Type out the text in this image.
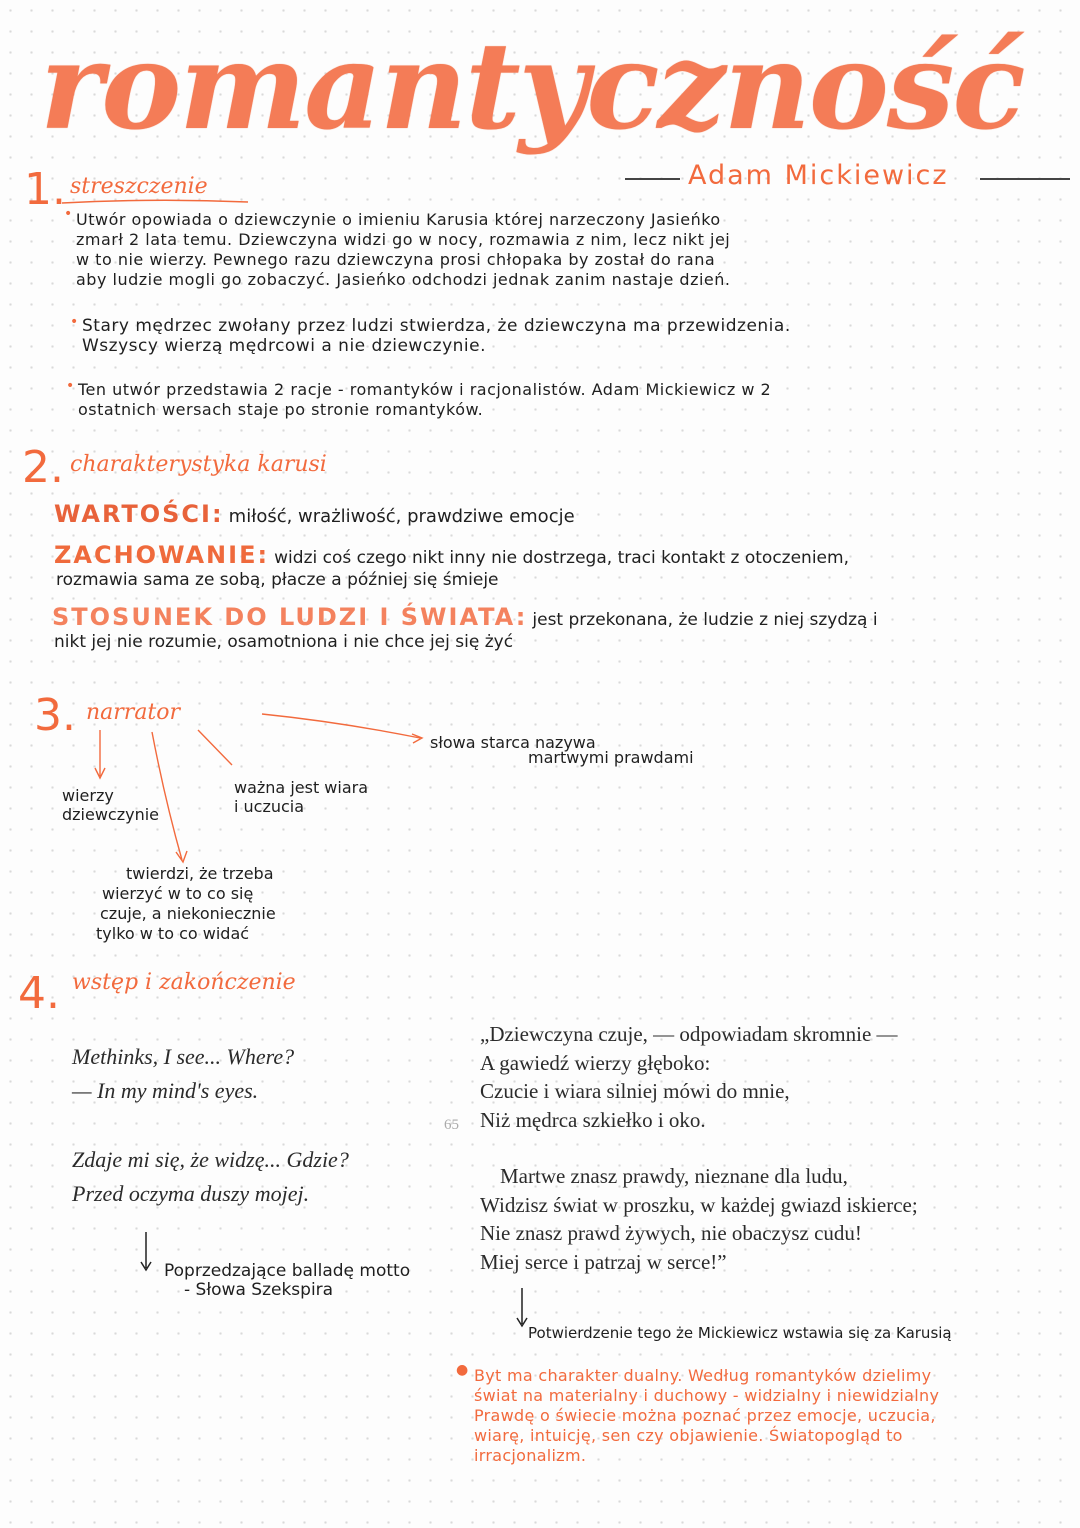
romantyczność
Adam Mickiewicz
1. streszczenie
• Utwór opowiada o dziewczynie o imieniu Karusia której narzeczony Jasieńko
zmarł 2 lata temu. Dziewczyna widzi go w nocy, rozmawia z nim, lecz nikt jej
w to nie wierzy. Pewnego razu dziewczyna prosi chłopaka by został do rana
aby ludzie mogli go zobaczyć. Jasieńko odchodzi jednak zanim nastaje dzień.
• Stary mędrzec zwołany przez ludzi stwierdza, że dziewczyna ma przewidzenia.
Wszyscy wierzą mędrcowi a nie dziewczynie.
• Ten utwór przedstawia 2 racje - romantyków i racjonalistów. Adam Mickiewicz w 2
ostatnich wersach staje po stronie romantyków.
2. charakterystyka karusi
WARTOŚCI: miłość, wrażliwość, prawdziwe emocje
ZACHOWANIE: widzi coś czego nikt inny nie dostrzega, traci kontakt z otoczeniem,
rozmawia sama ze sobą, płacze a później się śmieje
STOSUNEK DO LUDZI I ŚWIATA: jest przekonana, że ludzie z niej szydzą i
nikt jej nie rozumie, osamotniona i nie chce jej się żyć
3. narrator
słowa starca nazywa
martwymi prawdami
wierzy
dziewczynie
ważna jest wiara
i uczucia
twierdzi, że trzeba
wierzyć w to co się
czuje, a niekoniecznie
tylko w to co widać
4. wstęp i zakończenie
Methinks, I see... Where?
— In my mind's eyes.
65
Zdaje mi się, że widzę... Gdzie?
Przed oczyma duszy mojej.
Poprzedzające balladę motto
- Słowa Szekspira
„Dziewczyna czuje, — odpowiadam skromnie —
A gawiedź wierzy głęboko:
Czucie i wiara silniej mówi do mnie,
Niż mędrca szkiełko i oko.
Martwe znasz prawdy, nieznane dla ludu,
Widzisz świat w proszku, w każdej gwiazd iskierce;
Nie znasz prawd żywych, nie obaczysz cudu!
Miej serce i patrzaj w serce!”
Potwierdzenie tego że Mickiewicz wstawia się za Karusią
● Byt ma charakter dualny. Według romantyków dzielimy
świat na materialny i duchowy - widzialny i niewidzialny
Prawdę o świecie można poznać przez emocje, uczucia,
wiarę, intuicję, sen czy objawienie. Światopogląd to
irracjonalizm.
